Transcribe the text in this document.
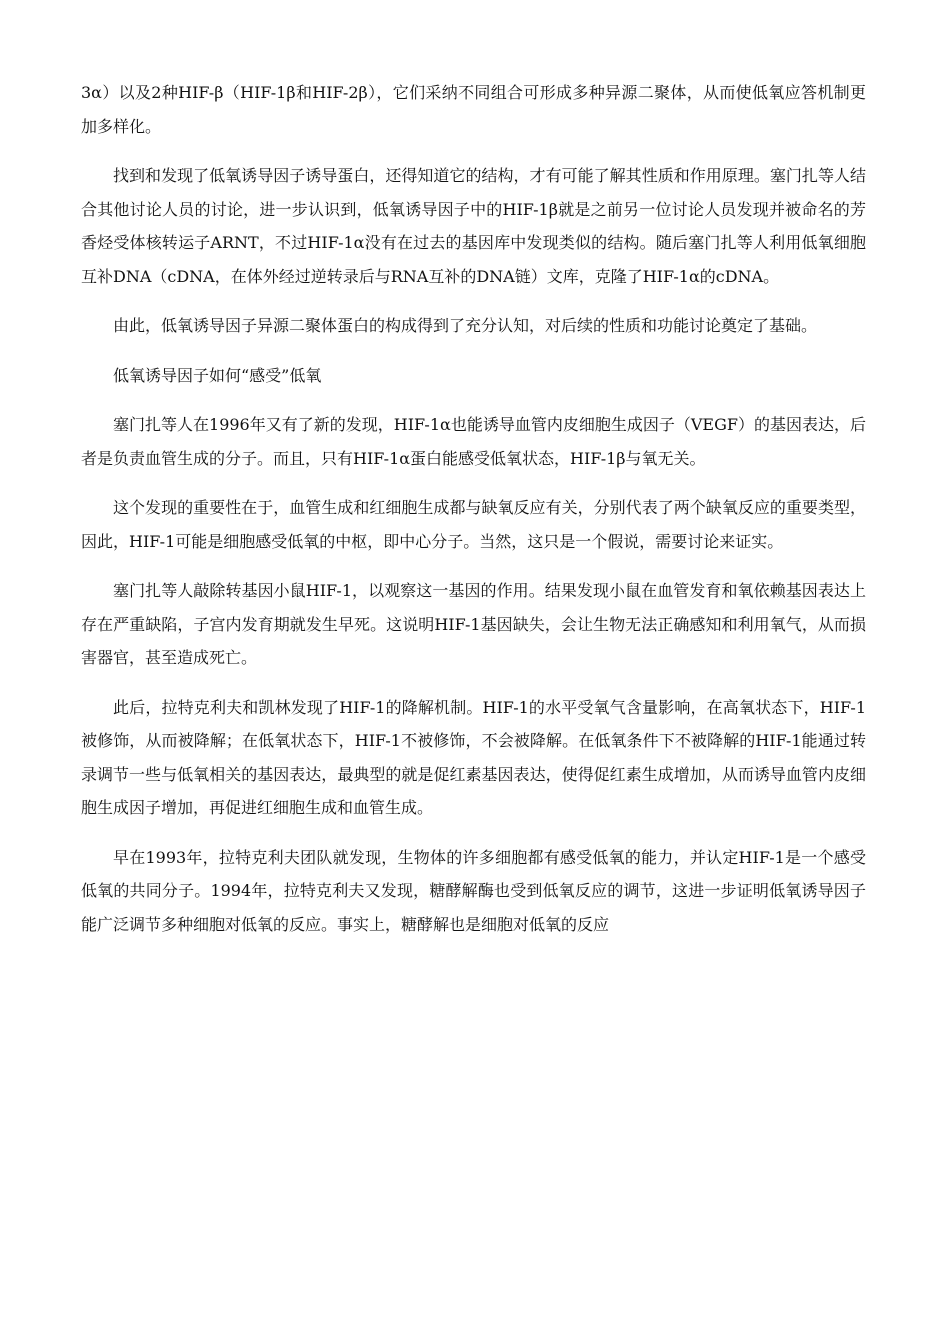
3α）以及2种HIF-β（HIF-1β和HIF-2β），它们采纳不同组合可形成多种异源二聚体，从而使低氧应答机制更加多样化。

找到和发现了低氧诱导因子诱导蛋白，还得知道它的结构，才有可能了解其性质和作用原理。塞门扎等人结合其他讨论人员的讨论，进一步认识到，低氧诱导因子中的HIF-1β就是之前另一位讨论人员发现并被命名的芳香烃受体核转运子ARNT，不过HIF-1α没有在过去的基因库中发现类似的结构。随后塞门扎等人利用低氧细胞互补DNA（cDNA，在体外经过逆转录后与RNA互补的DNA链）文库，克隆了HIF-1α的cDNA。

由此，低氧诱导因子异源二聚体蛋白的构成得到了充分认知，对后续的性质和功能讨论奠定了基础。

低氧诱导因子如何“感受”低氧

塞门扎等人在1996年又有了新的发现，HIF-1α也能诱导血管内皮细胞生成因子（VEGF）的基因表达，后者是负责血管生成的分子。而且，只有HIF-1α蛋白能感受低氧状态，HIF-1β与氧无关。

这个发现的重要性在于，血管生成和红细胞生成都与缺氧反应有关，分别代表了两个缺氧反应的重要类型，因此，HIF-1可能是细胞感受低氧的中枢，即中心分子。当然，这只是一个假说，需要讨论来证实。

塞门扎等人敲除转基因小鼠HIF-1，以观察这一基因的作用。结果发现小鼠在血管发育和氧依赖基因表达上存在严重缺陷，子宫内发育期就发生早死。这说明HIF-1基因缺失，会让生物无法正确感知和利用氧气，从而损害器官，甚至造成死亡。

此后，拉特克利夫和凯林发现了HIF-1的降解机制。HIF-1的水平受氧气含量影响，在高氧状态下，HIF-1被修饰，从而被降解；在低氧状态下，HIF-1不被修饰，不会被降解。在低氧条件下不被降解的HIF-1能通过转录调节一些与低氧相关的基因表达，最典型的就是促红素基因表达，使得促红素生成增加，从而诱导血管内皮细胞生成因子增加，再促进红细胞生成和血管生成。

早在1993年，拉特克利夫团队就发现，生物体的许多细胞都有感受低氧的能力，并认定HIF-1是一个感受低氧的共同分子。1994年，拉特克利夫又发现，糖酵解酶也受到低氧反应的调节，这进一步证明低氧诱导因子能广泛调节多种细胞对低氧的反应。事实上，糖酵解也是细胞对低氧的反应
